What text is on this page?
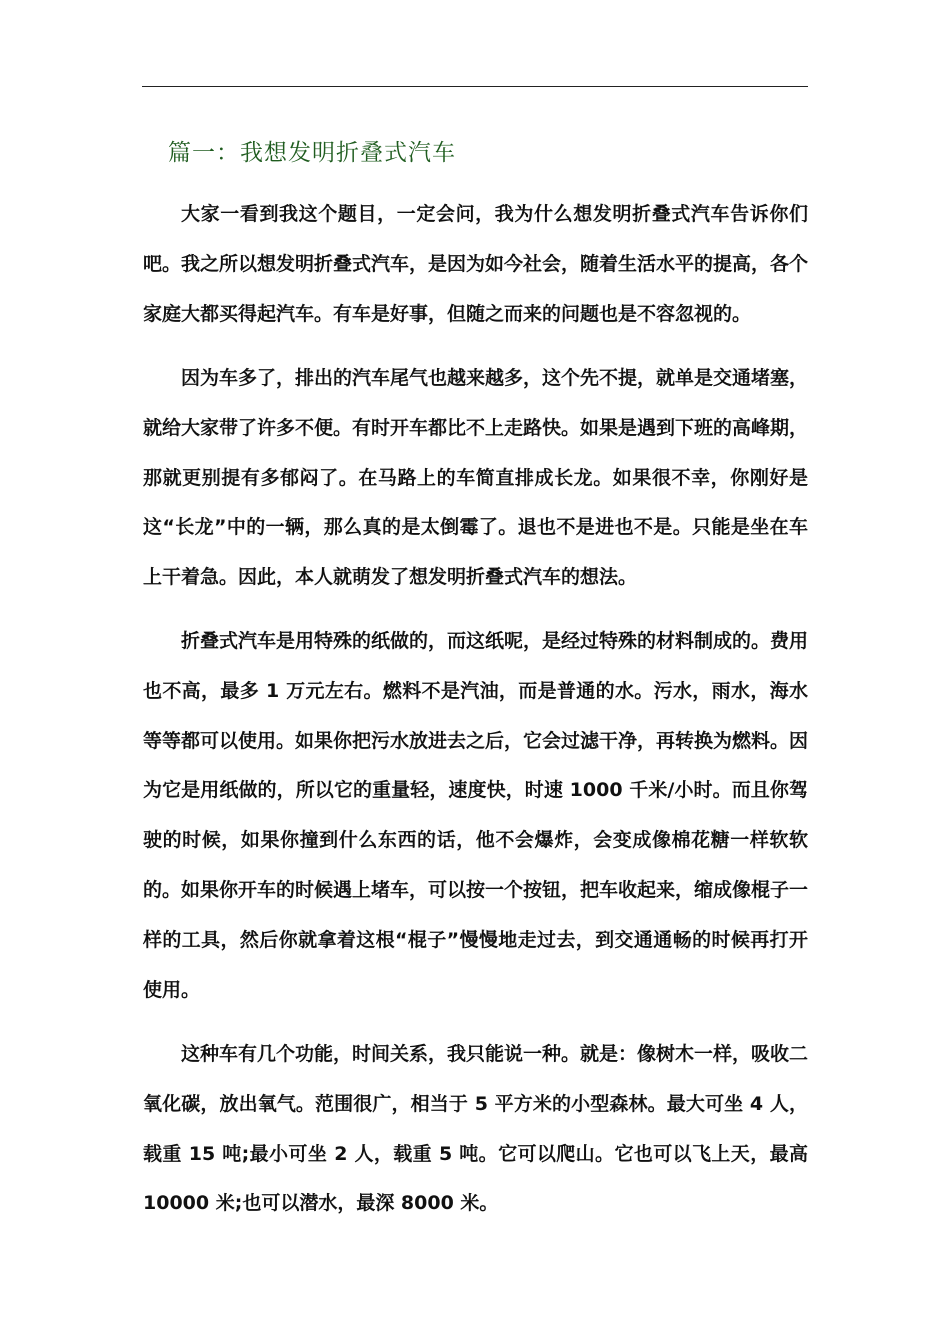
篇一：我想发明折叠式汽车

大家一看到我这个题目，一定会问，我为什么想发明折叠式汽车告诉你们吧。我之所以想发明折叠式汽车，是因为如今社会，随着生活水平的提高，各个家庭大都买得起汽车。有车是好事，但随之而来的问题也是不容忽视的。

因为车多了，排出的汽车尾气也越来越多，这个先不提，就单是交通堵塞，就给大家带了许多不便。有时开车都比不上走路快。如果是遇到下班的高峰期，那就更别提有多郁闷了。在马路上的车简直排成长龙。如果很不幸，你刚好是这“长龙”中的一辆，那么真的是太倒霉了。退也不是进也不是。只能是坐在车上干着急。因此，本人就萌发了想发明折叠式汽车的想法。

折叠式汽车是用特殊的纸做的，而这纸呢，是经过特殊的材料制成的。费用也不高，最多 1 万元左右。燃料不是汽油，而是普通的水。污水，雨水，海水等等都可以使用。如果你把污水放进去之后，它会过滤干净，再转换为燃料。因为它是用纸做的，所以它的重量轻，速度快，时速 1000 千米/小时。而且你驾驶的时候，如果你撞到什么东西的话，他不会爆炸，会变成像棉花糖一样软软的。如果你开车的时候遇上堵车，可以按一个按钮，把车收起来，缩成像棍子一样的工具，然后你就拿着这根“棍子”慢慢地走过去，到交通通畅的时候再打开使用。

这种车有几个功能，时间关系，我只能说一种。就是：像树木一样，吸收二氧化碳，放出氧气。范围很广，相当于 5 平方米的小型森林。最大可坐 4 人，载重 15 吨;最小可坐 2 人，载重 5 吨。它可以爬山。它也可以飞上天，最高 10000 米;也可以潜水，最深 8000 米。
